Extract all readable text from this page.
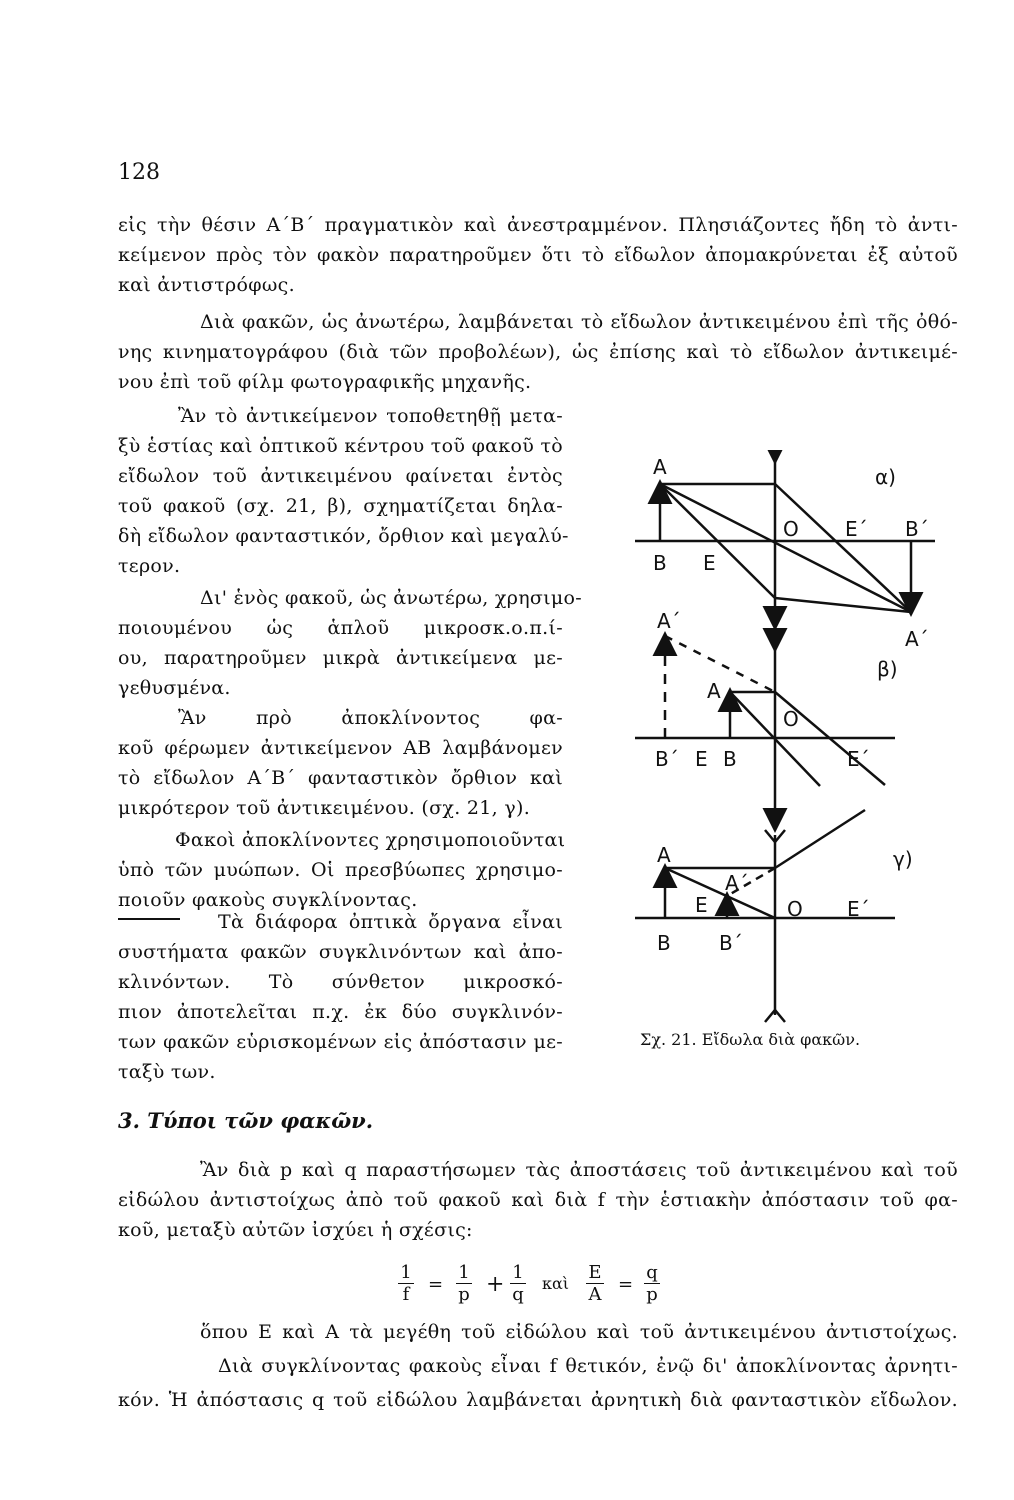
128
εἰς τὴν θέσιν Α΄Β΄ πραγματικὸν καὶ ἀνεστραμμένον. Πλησιάζοντες ἤδη τὸ ἀντι-
κείμενον πρὸς τὸν φακὸν παρατηροῦμεν ὅτι τὸ εἴδωλον ἀπομακρύνεται ἐξ αὐτοῦ
καὶ ἀντιστρόφως.
Διὰ φακῶν, ὡς ἀνωτέρω, λαμβάνεται τὸ εἴδωλον ἀντικειμένου ἐπὶ τῆς ὀθό-
νης κινηματογράφου (διὰ τῶν προβολέων), ὡς ἐπίσης καὶ τὸ εἴδωλον ἀντικειμέ-
νου ἐπὶ τοῦ φίλμ φωτογραφικῆς μηχανῆς.
Ἂν τὸ ἀντικείμενον τοποθετηθῇ μετα-
ξὺ ἑστίας καὶ ὀπτικοῦ κέντρου τοῦ φακοῦ τὸ
εἴδωλον τοῦ ἀντικειμένου φαίνεται ἐντὸς
τοῦ φακοῦ (σχ. 21, β), σχηματίζεται δηλα-
δὴ εἴδωλον φανταστικόν, ὄρθιον καὶ μεγαλύ-
τερον.
Δι' ἑνὸς φακοῦ, ὡς ἀνωτέρω, χρησιμο-
ποιουμένου ὡς ἁπλοῦ μικροσκ.ο.π.ί-
ου, παρατηροῦμεν μικρὰ ἀντικείμενα με-
γεθυσμένα.
Ἂν πρὸ ἀποκλίνοντος φα-
κοῦ φέρωμεν ἀντικείμενον ΑΒ λαμβάνομεν
τὸ εἴδωλον Α΄Β΄ φανταστικὸν ὄρθιον καὶ
μικρότερον τοῦ ἀντικειμένου. (σχ. 21, γ).
Φακοὶ ἀποκλίνοντες χρησιμοποιοῦνται
ὑπὸ τῶν μυώπων. Οἱ πρεσβύωπες χρησιμο-
ποιοῦν φακοὺς συγκλίνοντας.
Τὰ διάφορα ὀπτικὰ ὄργανα εἶναι
συστήματα φακῶν συγκλινόντων καὶ ἀπο-
κλινόντων. Τὸ σύνθετον μικροσκό-
πιον ἀποτελεῖται π.χ. ἐκ δύο συγκλινόν-
των φακῶν εὑρισκομένων εἰς ἀπόστασιν με-
ταξὺ των.
A
B E
O E΄ B΄
A΄
α)
A΄
A
O
B΄ E B	E΄
β)
A
A΄
E	O E΄
B B΄
γ)
Σχ. 21. Εἴδωλα διὰ φακῶν.
3. Τύποι τῶν φακῶν.
Ἂν διὰ p καὶ q παραστήσωμεν τὰς ἀποστάσεις τοῦ ἀντικειμένου καὶ τοῦ
εἰδώλου ἀντιστοίχως ἀπὸ τοῦ φακοῦ καὶ διὰ f τὴν ἑστιακὴν ἀπόστασιν τοῦ φα-
κοῦ, μεταξὺ αὐτῶν ἰσχύει ἡ σχέσις:
1
f =
1
p + 1
q
καὶ
E
A =
q
p
ὅπου Ε καὶ Α τὰ μεγέθη τοῦ εἰδώλου καὶ τοῦ ἀντικειμένου ἀντιστοίχως.
Διὰ συγκλίνοντας φακοὺς εἶναι f θετικόν, ἐνῷ δι' ἀποκλίνοντας ἀρνητι-
κόν. Ἡ ἀπόστασις q τοῦ εἰδώλου λαμβάνεται ἀρνητικὴ διὰ φανταστικὸν εἴδωλον.
